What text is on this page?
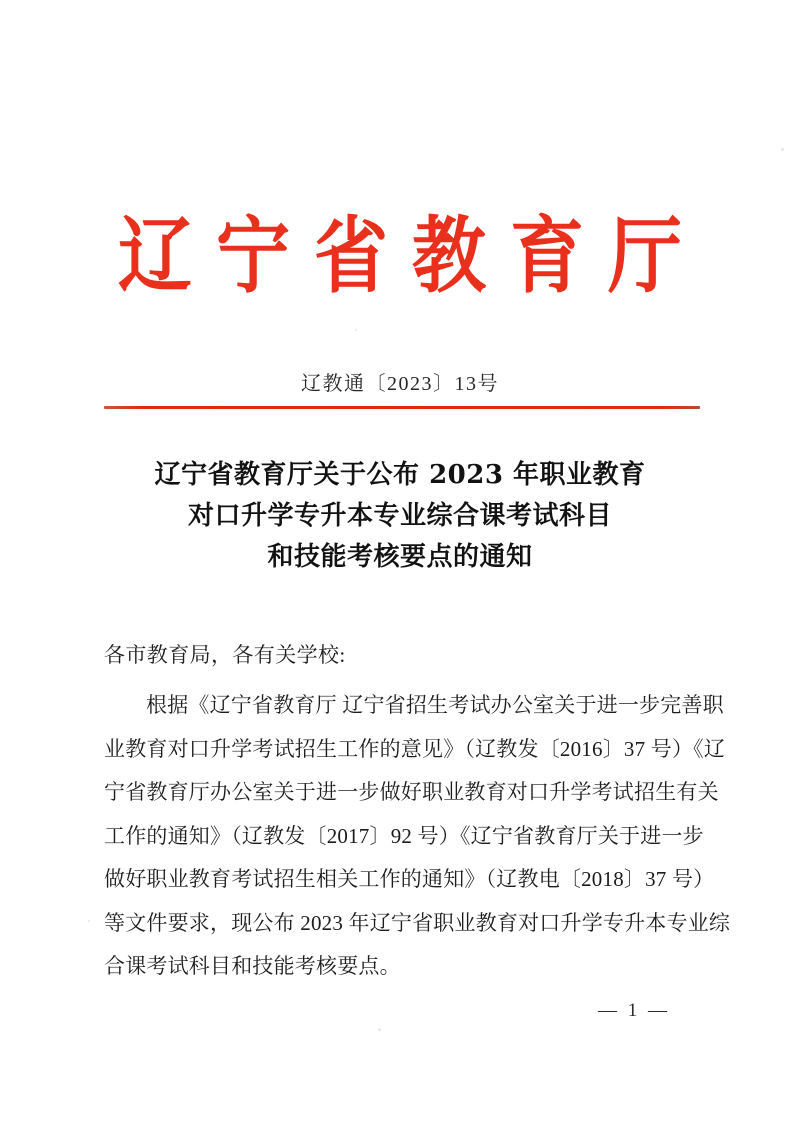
辽宁省教育厅
辽教通〔2023〕13号
辽宁省教育厅关于公布 2023 年职业教育
对口升学专升本专业综合课考试科目
和技能考核要点的通知
各市教育局，各有关学校:
根据《辽宁省教育厅 辽宁省招生考试办公室关于进一步完善职
业教育对口升学考试招生工作的意见》（辽教发〔2016〕37 号）《辽
宁省教育厅办公室关于进一步做好职业教育对口升学考试招生有关
工作的通知》（辽教发〔2017〕92 号）《辽宁省教育厅关于进一步
做好职业教育考试招生相关工作的通知》（辽教电〔2018〕37 号）
等文件要求，现公布 2023 年辽宁省职业教育对口升学专升本专业综
合课考试科目和技能考核要点。
— 1 —
